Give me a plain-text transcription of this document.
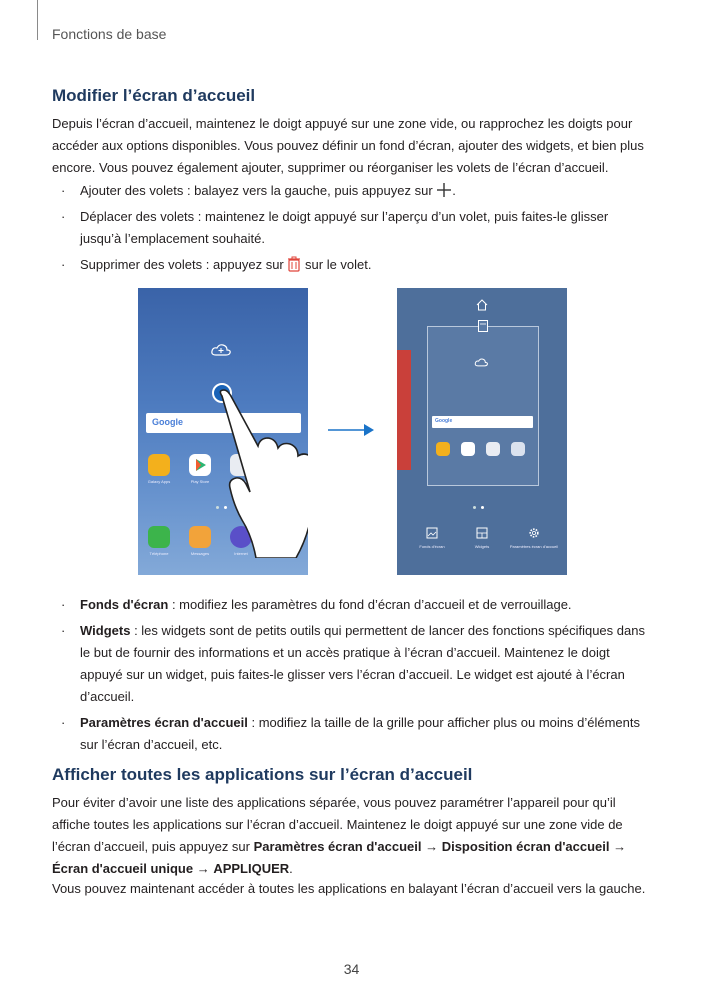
Fonctions de base
Modifier l’écran d’accueil

Depuis l’écran d’accueil, maintenez le doigt appuyé sur une zone vide, ou rapprochez les doigts pour accéder aux options disponibles. Vous pouvez définir un fond d’écran, ajouter des widgets, et bien plus encore. Vous pouvez également ajouter, supprimer ou réorganiser les volets de l’écran d’accueil.

· Ajouter des volets : balayez vers la gauche, puis appuyez sur .
· Déplacer des volets : maintenez le doigt appuyé sur l’aperçu d’un volet, puis faites-le glisser jusqu’à l’emplacement souhaité.
· Supprimer des volets : appuyez sur sur le volet.
Google
Galaxy Apps	Play Store
Téléphone	Messages	Internet
Google
Fonds d'écran	Widgets	Paramètres écran d'accueil
· Fonds d'écran : modifiez les paramètres du fond d’écran d’accueil et de verrouillage.
· Widgets : les widgets sont de petits outils qui permettent de lancer des fonctions spécifiques dans le but de fournir des informations et un accès pratique à l’écran d’accueil. Maintenez le doigt appuyé sur un widget, puis faites-le glisser vers l’écran d’accueil. Le widget est ajouté à l’écran d’accueil.
· Paramètres écran d'accueil : modifiez la taille de la grille pour afficher plus ou moins d’éléments sur l’écran d’accueil, etc.
Afficher toutes les applications sur l’écran d’accueil

Pour éviter d’avoir une liste des applications séparée, vous pouvez paramétrer l’appareil pour qu’il affiche toutes les applications sur l’écran d’accueil. Maintenez le doigt appuyé sur une zone vide de l’écran d’accueil, puis appuyez sur Paramètres écran d'accueil → Disposition écran d'accueil → Écran d'accueil unique → APPLIQUER.

Vous pouvez maintenant accéder à toutes les applications en balayant l’écran d’accueil vers la gauche.

34
